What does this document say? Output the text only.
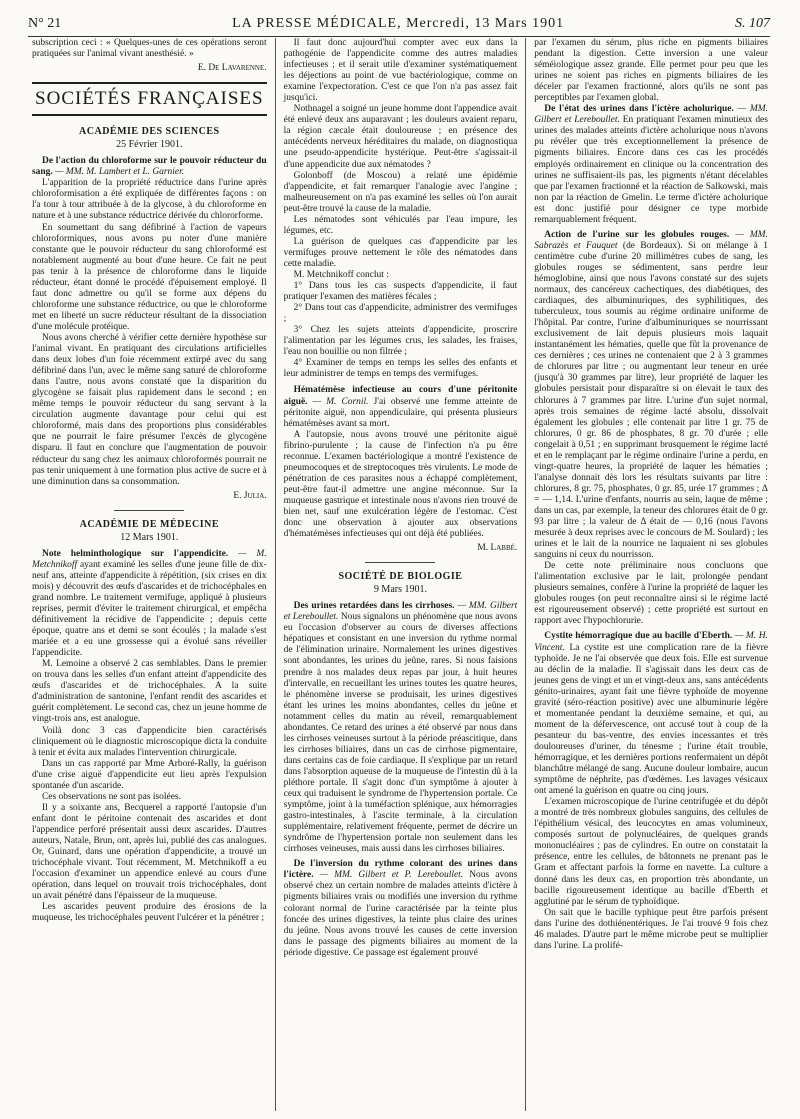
N° 21	LA PRESSE MÉDICALE, Mercredi, 13 Mars 1901	S. 107

subscription ceci : « Quelques-unes de ces opérations seront pratiquées sur l'animal vivant anesthésié. »

E. De Lavarenne.
SOCIÉTÉS FRANÇAISES
ACADÉMIE DES SCIENCES
25 Février 1901.

De l'action du chloroforme sur le pouvoir réducteur du sang. — MM. M. Lambert et L. Garnier.

L'apparition de la propriété réductrice dans l'urine après chloroformisation a été expliquée de différentes façons : on l'a tour à tour attribuée à de la glycose, à du chloroforme en nature et à une substance réductrice dérivée du chlororforme.

En soumettant du sang défibriné à l'action de vapeurs chloroformiques, nous avons pu noter d'une manière constante que le pouvoir réducteur du sang chloroformé est notablement augmenté au bout d'une heure. Ce fait ne peut pas tenir à la présence de chloroforme dans le liquide réducteur, étant donné le procédé d'épuisement employé. Il faut donc admettre ou qu'il se forme aux dépens du chloroforme une substance réductrice, ou que le chloroforme met en liberté un sucre réducteur résultant de la dissociation d'une molécule protéique.

Nous avons cherché à vérifier cette dernière hypothèse sur l'animal vivant. En pratiquant des circulations artificielles dans deux lobes d'un foie récemment extirpé avec du sang défibriné dans l'un, avec le même sang saturé de chloroforme dans l'autre, nous avons constaté que la disparition du glycogène se faisait plus rapidement dans le second ; en même temps le pouvoir réducteur du sang servant à la circulation augmente davantage pour celui qui est chloroformé, mais dans des proportions plus considérables que ne pourrait le faire présumer l'excès de glycogène disparu. Il faut en conclure que l'augmentation de pouvoir réducteur du sang chez les animaux chloroformés pourrait ne pas tenir uniquement à une formation plus active de sucre et à une diminution dans sa consommation.

E. Julia.
ACADÉMIE DE MÉDECINE
12 Mars 1901.

Note helminthologique sur l'appendicite. — M. Metchnikoff ayant examiné les selles d'une jeune fille de dix-neuf ans, atteinte d'appendicite à répétition, (six crises en dix mois) y découvrit des œufs d'ascarides et de trichocéphales en grand nombre. Le traitement vermifuge, appliqué à plusieurs reprises, permit d'éviter le traitement chirurgical, et empêcha définitivement la récidive de l'appendicite ; depuis cette époque, quatre ans et demi se sont écoulés ; la malade s'est mariée et a eu une grossesse qui a évolué sans réveiller l'appendicite.

M. Lemoine a observé 2 cas semblables. Dans le premier on trouva dans les selles d'un enfant atteint d'appendicite des œufs d'ascarides et de trichocéphales. A la suite d'administration de santonine, l'enfant rendit des ascarides et guérit complètement. Le second cas, chez un jeune homme de vingt-trois ans, est analogue.

Voilà donc 3 cas d'appendicite bien caractérisés cliniquement où le diagnostic microscopique dicta la conduite à tenir et évita aux malades l'intervention chirurgicale.

Dans un cas rapporté par Mme Arboré-Rally, la guérison d'une crise aiguë d'appendicite eut lieu après l'expulsion spontanée d'un ascaride.

Ces observations ne sont pas isolées.

Il y a soixante ans, Becquerel a rapporté l'autopsie d'un enfant dont le péritoine contenait des ascarides et dont l'appendice perforé présentait aussi deux ascarides. D'autres auteurs, Natale, Brun, ont, après lui, publié des cas analogues. Or, Guinard, dans une opération d'appendicite, a trouvé un trichocéphale vivant. Tout récemment, M. Metchnikoff a eu l'occasion d'examiner un appendice enlevé au cours d'une opération, dans lequel on trouvait trois trichocéphales, dont un avait pénétré dans l'épaisseur de la muqueuse.

Les ascarides peuvent produire des érosions de la muqueuse, les trichocéphales peuvent l'ulcérer et la pénétrer ;

Il faut donc aujourd'hui compter avec eux dans la pathogénie de l'appendicite comme des autres maladies infectieuses ; et il serait utile d'examiner systématiquement les déjections au point de vue bactériologique, comme on examine l'expectoration. C'est ce que l'on n'a pas assez fait jusqu'ici.

Nothnagel a soigné un jeune homme dont l'appendice avait été enlevé deux ans auparavant ; les douleurs avaient reparu, la région cæcale était douloureuse ; en présence des antécédents nerveux héréditaires du malade, on diagnostiqua une pseudo-appendicite hystérique. Peut-être s'agissait-il d'une appendicite due aux nématodes ?

Golonboff (de Moscou) a relaté une épidémie d'appendicite, et fait remarquer l'analogie avec l'angine ; malheureusement on n'a pas examiné les selles où l'on aurait peut-être trouvé la cause de la maladie.

Les nématodes sont véhiculés par l'eau impure, les légumes, etc.

La guérison de quelques cas d'appendicite par les vermifuges prouve nettement le rôle des nématodes dans cette maladie.

M. Metchnikoff conclut :

1° Dans tous les cas suspects d'appendicite, il faut pratiquer l'examen des matières fécales ;

2° Dans tout cas d'appendicite, administrer des vermifuges ;

3° Chez les sujets atteints d'appendicite, proscrire l'alimentation par les légumes crus, les salades, les fraises, l'eau non bouillie ou non filtrée ;

4° Examiner de temps en temps les selles des enfants et leur administrer de temps en temps des vermifuges.

Hématémèse infectieuse au cours d'une péritonite aiguë. — M. Cornil. J'ai observé une femme atteinte de péritonite aiguë, non appendiculaire, qui présenta plusieurs hématémèses avant sa mort.

A l'autopsie, nous avons trouvé une péritonite aiguë fibrino-purulente ; la cause de l'infection n'a pu être reconnue. L'examen bactériologique a montré l'existence de pneumocoques et de streptocoques très virulents. Le mode de pénétration de ces parasites nous a échappé complètement, peut-être faut-il admettre une angine méconnue. Sur la muqueuse gastrique et intestinale nous n'avons rien trouvé de bien net, sauf une exulcération légère de l'estomac. C'est donc une observation à ajouter aux observations d'hématémèses infectieuses qui ont déjà été publiées.

M. Labbé.
SOCIÉTÉ DE BIOLOGIE
9 Mars 1901.

Des urines retardées dans les cirrhoses. — MM. Gilbert et Lereboullet. Nous signalons un phénomène que nous avons eu l'occasion d'observer au cours de diverses affections hépatiques et consistant en une inversion du rythme normal de l'élimination urinaire. Normalement les urines digestives sont abondantes, les urines du jeûne, rares. Si nous faisions prendre à nos malades deux repas par jour, à huit heures d'intervalle, en recueillant les urines toutes les quatre heures, le phénomène inverse se produisait, les urines digestives étant les urines les moins abondantes, celles du jeûne et notamment celles du matin au réveil, remarquablement abondantes. Ce retard des urines a été observé par nous dans les cirrhoses veineuses surtout à la période préascitique, dans les cirrhoses biliaires, dans un cas de cirrhose pigmentaire, dans certains cas de foie cardiaque. Il s'explique par un retard dans l'absorption aqueuse de la muqueuse de l'intestin dû à la pléthore portale. Il s'agit donc d'un symptôme à ajouter à ceux qui traduisent le syndrome de l'hypertension portale. Ce symptôme, joint à la tuméfaction splénique, aux hémorragies gastro-intestinales, à l'ascite terminale, à la circulation supplémentaire, relativement fréquente, permet de décrire un syndrôme de l'hypertension portale non seulement dans les cirrhoses veineuses, mais aussi dans les cirrhoses biliaires.

De l'inversion du rythme colorant des urines dans l'ictère. — MM. Gilbert et P. Lereboullet. Nous avons observé chez un certain nombre de malades atteints d'ictère à pigments biliaires vrais ou modifiés une inversion du rythme colorant normal de l'urine caractérisée par la teinte plus foncée des urines digestives, la teinte plus claire des urines du jeûne. Nous avons trouvé les causes de cette inversion dans le passage des pigments biliaires au moment de la période digestive. Ce passage est également prouvé

par l'examen du sérum, plus riche en pigments biliaires pendant la digestion. Cette inversion a une valeur séméiologique assez grande. Elle permet pour peu que les urines ne soient pas riches en pigments biliaires de les déceler par l'examen fractionné, alors qu'ils ne sont pas perceptibles par l'examen global.

De l'état des urines dans l'ictère acholurique. — MM. Gilbert et Lereboullet. En pratiquant l'examen minutieux des urines des malades atteints d'ictère acholurique nous n'avons pu révéler que très exceptionnellement la présence de pigments biliaires. Encore dans ces cas les procédés employés ordinairement en clinique ou la concentration des urines ne suffisaient-ils pas, les pigments n'étant décelables que par l'examen fractionné et la réaction de Salkowski, mais non par la réaction de Gmelin. Le terme d'ictère acholurique est donc justifié pour désigner ce type morbide remarquablement fréquent.

Action de l'urine sur les globules rouges. — MM. Sabrazès et Fauquet (de Bordeaux). Si on mélange à 1 centimètre cube d'urine 20 millimètres cubes de sang, les globules rouges se sédimentent, sans perdre leur hémoglobine, ainsi que nous l'avons constaté sur des sujets normaux, des cancéreux cachectiques, des diabétiques, des cardiaques, des albuminuriques, des syphilitiques, des tuberculeux, tous soumis au régime ordinaire uniforme de l'hôpital. Par contre, l'urine d'albuminuriques se nourrissant exclusivement de lait depuis plusieurs mois laquait instantanément les hématies, quelle que fût la provenance de ces dernières ; ces urines ne contenaient que 2 à 3 grammes de chlorures par litre ; ou augmentant leur teneur en urée (jusqu'à 30 grammes par litre), leur propriété de laquer les globules persistait pour disparaître si on élevait le taux des chlorures à 7 grammes par litre. L'urine d'un sujet normal, après trois semaines de régime lacté absolu, dissolvait également les globules ; elle contenait par litre 1 gr. 75 de chlorures, 0 gr. 86 de phosphates, 8 gr. 70 d'urée ; elle congelait à 0,51 ; en supprimant brusquement le régime lacté et en le remplaçant par le régime ordinaire l'urine a perdu, en vingt-quatre heures, la propriété de laquer les hématies ; l'analyse donnait dès lors les résultats suivants par litre : chlorures, 8 gr. 75, phosphates, 0 gr. 85, urée 17 grammes ; Δ = — 1,14. L'urine d'enfants, nourris au sein, laque de même ; dans un cas, par exemple, la teneur des chlorures était de 0 gr. 93 par litre ; la valeur de Δ était de — 0,16 (nous l'avons mesurée à deux reprises avec le concours de M. Soulard) ; les urines et le lait de la nourrice ne laquaient ni ses globules sanguins ni ceux du nourrisson.

De cette note préliminaire nous concluons que l'alimentation exclusive par le lait, prolongée pendant plusieurs semaines, confère à l'urine la propriété de laquer les globules rouges (on peut reconnaître ainsi si le régime lacté est rigoureusement observé) ; cette propriété est surtout en rapport avec l'hypochlorurie.

Cystite hémorragique due au bacille d'Eberth. — M. H. Vincent. La cystite est une complication rare de la fièvre typhoïde. Je ne l'ai observée que deux fois. Elle est survenue au déclin de la maladie. Il s'agissait dans les deux cas de jeunes gens de vingt et un et vingt-deux ans, sans antécédents génito-urinaires, ayant fait une fièvre typhoïde de moyenne gravité (séro-réaction positive) avec une albuminurie légère et momentanée pendant la deuxième semaine, et qui, au moment de la défervescence, ont accusé tout à coup de la pesanteur du bas-ventre, des envies incessantes et très douloureuses d'uriner, du ténesme ; l'urine était trouble, hémorragique, et les dernières portions renfermaient un dépôt blanchâtre mélangé de sang. Aucune douleur lombaire, aucun symptôme de néphrite, pas d'œdèmes. Les lavages vésicaux ont amené la guérison en quatre ou cinq jours.

L'examen microscopique de l'urine centrifugée et du dépôt a montré de très nombreux globules sanguins, des cellules de l'épithélium vésical, des leucocytes en amas volumineux, composés surtout de polynucléaires, de quelques grands mononucléaires ; pas de cylindres. En outre on constatait la présence, entre les cellules, de bâtonnets ne prenant pas le Gram et affectant parfois la forme en navette. La culture a donné dans les deux cas, en proportion très abondante, un bacille rigoureusement identique au bacille d'Eberth et agglutiné par le sérum de typhoïdique.

On sait que le bacille typhique peut être parfois présent dans l'urine des dothiénentériques. Je l'ai trouvé 9 fois chez 46 malades. D'autre part le même microbe peut se multiplier dans l'urine. La prolifé-
